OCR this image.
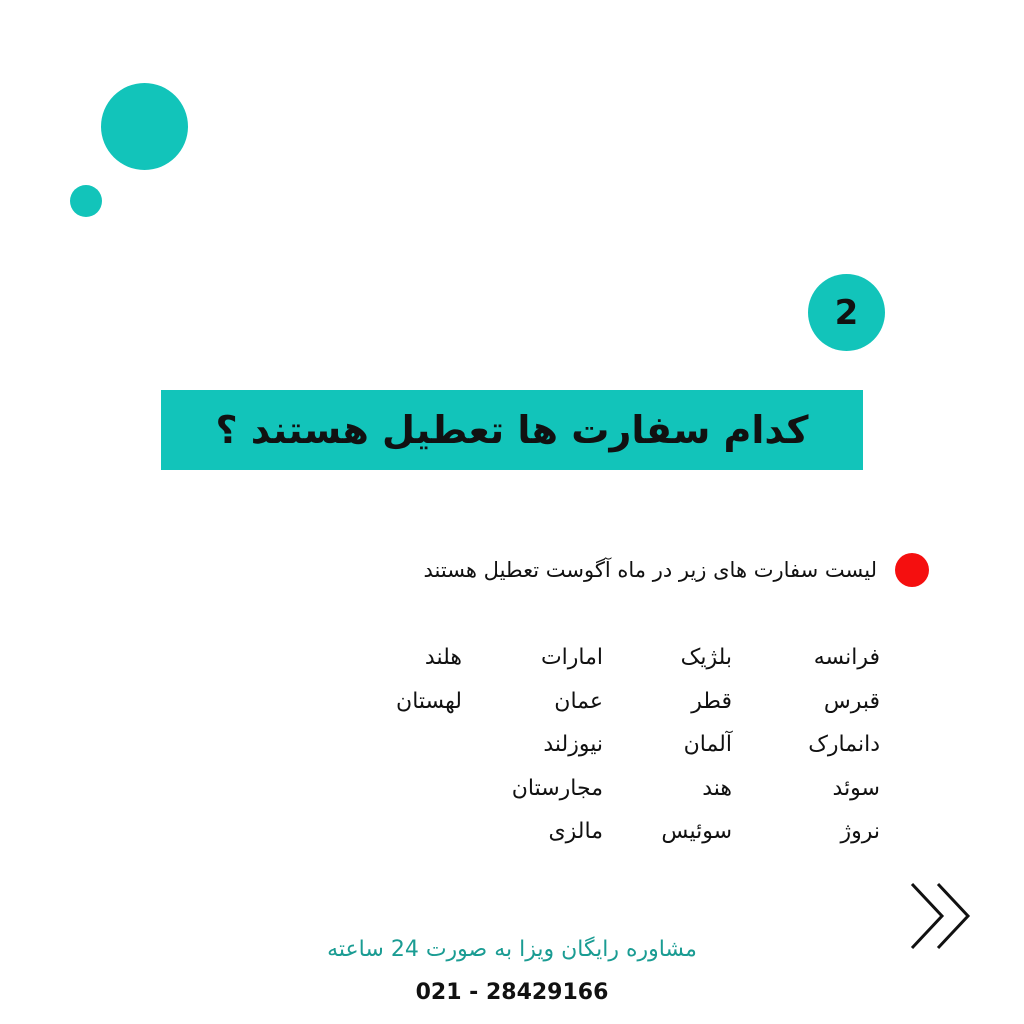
2
کدام سفارت ها تعطیل هستند ؟
لیست سفارت های زیر در ماه آگوست تعطیل هستند
فرانسه
قبرس
دانمارک
سوئد
نروژ
بلژیک
قطر
آلمان
هند
سوئیس
امارات
عمان
نیوزلند
مجارستان
مالزی
هلند
لهستان
مشاوره رایگان ویزا به صورت 24 ساعته
021 - 28429166
